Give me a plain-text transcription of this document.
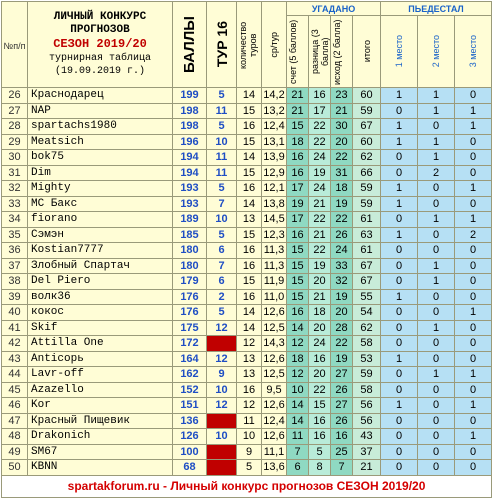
№п/п	ЛИЧНЫЙ КОНКУРС
ПРОГНОЗОВ
СЕЗОН 2019/20
турнирная таблица
(19.09.2019 г.)	БАЛЛЫ	ТУР 16	количество туров	ср/тур	УГАДАНО				ПЬЕДЕСТАЛ		

						счет (5 баллов)	разница (3 балла)	исход (2 балла)	итого	1 место	2 место	3 место

26	Краснодарец	199	5	14	14,2	21	16	23	60	1	1	0
27	NAP	198	11	15	13,2	21	17	21	59	0	1	1
28	spartachs1980	198	5	16	12,4	15	22	30	67	1	0	1
29	Meatsich	196	10	15	13,1	18	22	20	60	1	1	0
30	bok75	194	11	14	13,9	16	24	22	62	0	1	0
31	Dim	194	11	15	12,9	16	19	31	66	0	2	0
32	Mighty	193	5	16	12,1	17	24	18	59	1	0	1
33	MC Бакс	193	7	14	13,8	19	21	19	59	1	0	0
34	fiorano	189	10	13	14,5	17	22	22	61	0	1	1
35	Сэмэн	185	5	15	12,3	16	21	26	63	1	0	2
36	Kostian7777	180	6	16	11,3	15	22	24	61	0	0	0
37	Злобный Спартач	180	7	16	11,3	15	19	33	67	0	1	0
38	Del Piero	179	6	15	11,9	15	20	32	67	0	1	0
39	волк36	176	2	16	11,0	15	21	19	55	1	0	0
40	кокос	176	5	14	12,6	16	18	20	54	0	0	1
41	Skif	175	12	14	12,5	14	20	28	62	0	1	0
42	Attilla One	172		12	14,3	12	24	22	58	0	0	0
43	Anticopь	164	12	13	12,6	18	16	19	53	1	0	0
44	Lavr-off	162	9	13	12,5	12	20	27	59	0	1	1
45	Azazello	152	10	16	9,5	10	22	26	58	0	0	0
46	Kor	151	12	12	12,6	14	15	27	56	1	0	1
47	Красный Пищевик	136		11	12,4	14	16	26	56	0	0	0
48	Drakonich	126	10	10	12,6	11	16	16	43	0	0	1
49	SM67	100		9	11,1	7	5	25	37	0	0	0
50	KBNN	68		5	13,6	6	8	7	21	0	0	0
spartakforum.ru - Личный конкурс прогнозов СЕЗОН 2019/20												
